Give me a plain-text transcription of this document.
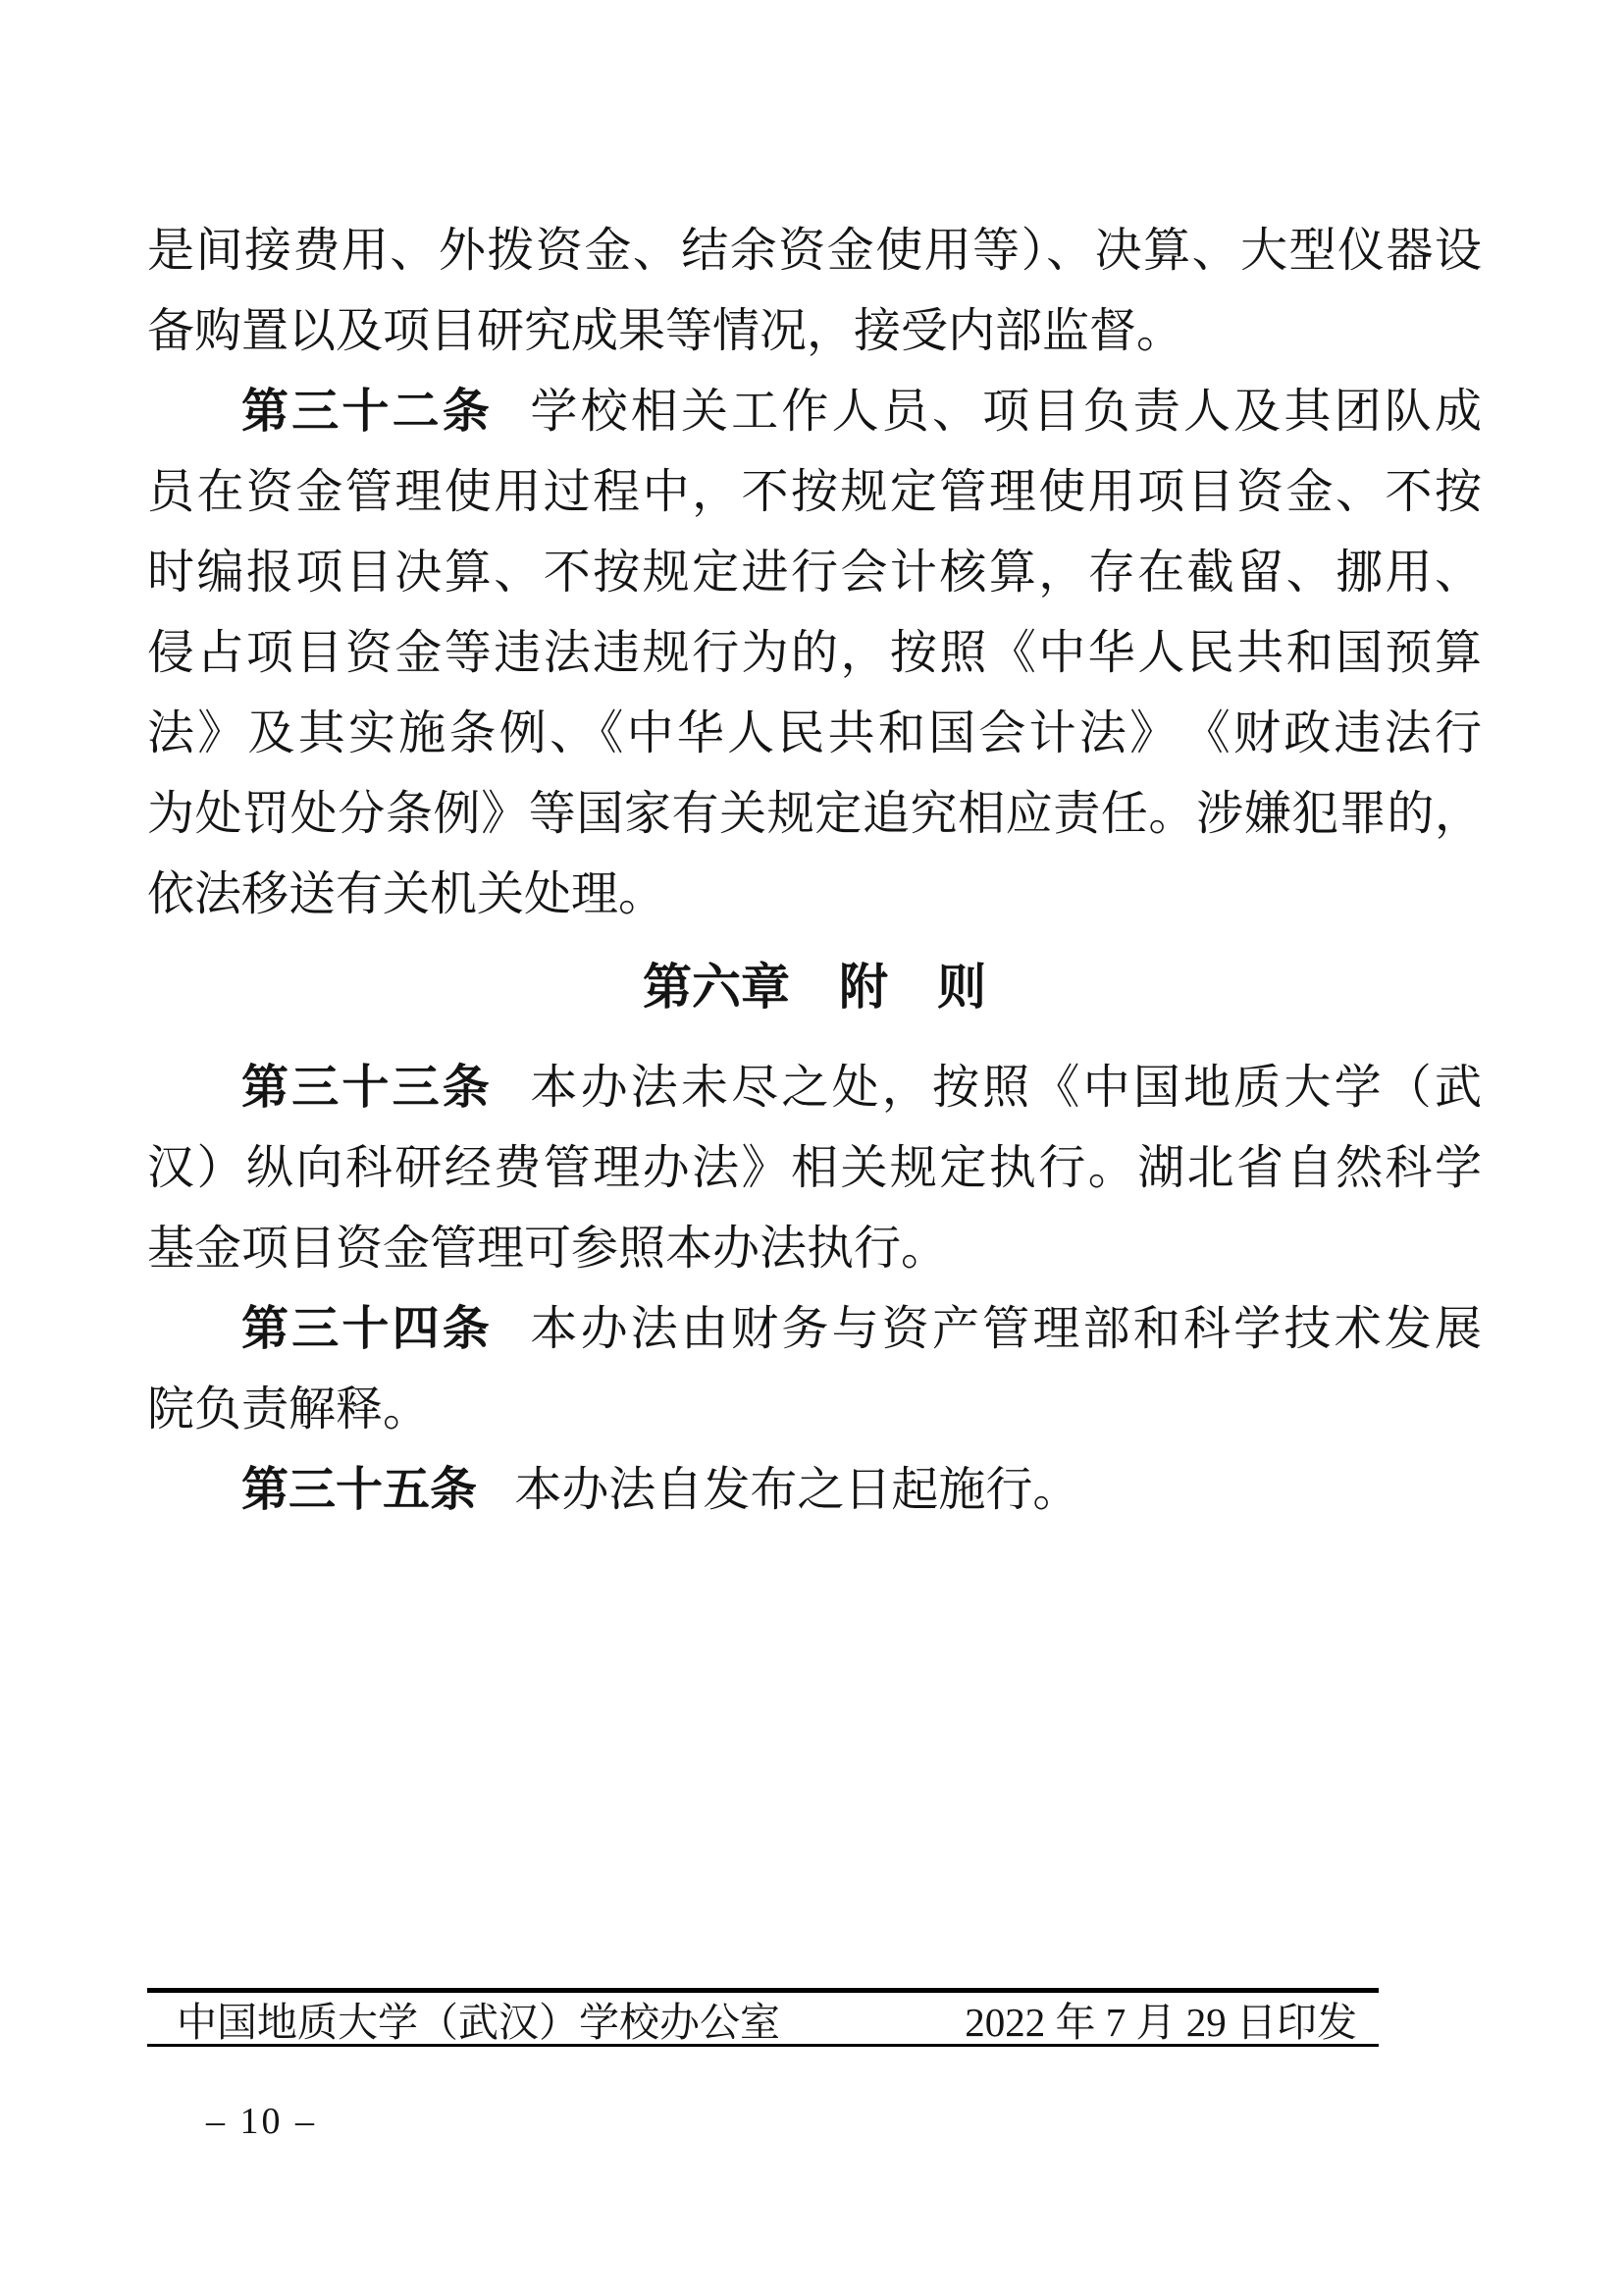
是间接费用、外拨资金、结余资金使用等）、决算、大型仪器设
备购置以及项目研究成果等情况，接受内部监督。
第三十二条 学校相关工作人员、项目负责人及其团队成
员在资金管理使用过程中，不按规定管理使用项目资金、不按
时编报项目决算、不按规定进行会计核算，存在截留、挪用、
侵占项目资金等违法违规行为的，按照《中华人民共和国预算
法》及其实施条例、《中华人民共和国会计法》　《财政违法行
为处罚处分条例》等国家有关规定追究相应责任。涉嫌犯罪的，
依法移送有关机关处理。
第六章　附　则
第三十三条 本办法未尽之处，按照《中国地质大学（武
汉）纵向科研经费管理办法》相关规定执行。湖北省自然科学
基金项目资金管理可参照本办法执行。
第三十四条 本办法由财务与资产管理部和科学技术发展
院负责解释。
第三十五条 本办法自发布之日起施行。
中国地质大学（武汉）学校办公室	2022 年 7 月 29 日印发
– 10 –
